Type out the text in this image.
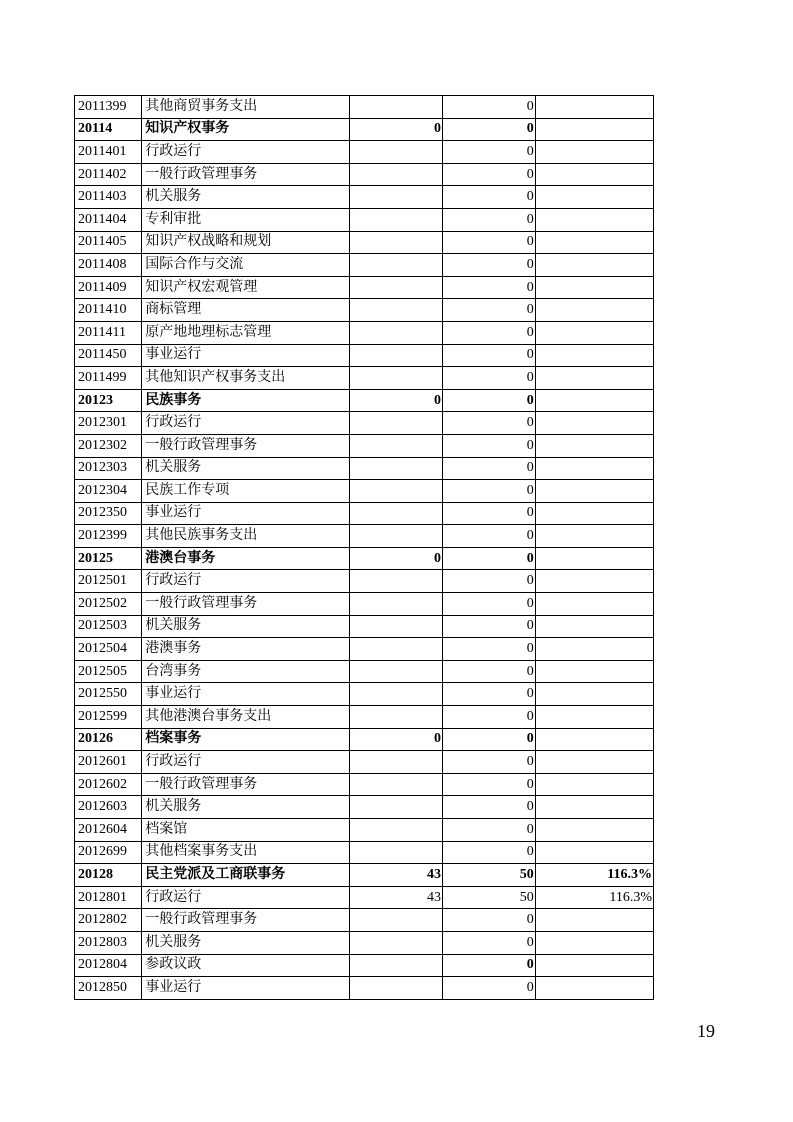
2011399	其他商贸事务支出		0	
20114	知识产权事务	0	0	
2011401	行政运行		0	
2011402	一般行政管理事务		0	
2011403	机关服务		0	
2011404	专利审批		0	
2011405	知识产权战略和规划		0	
2011408	国际合作与交流		0	
2011409	知识产权宏观管理		0	
2011410	商标管理		0	
2011411	原产地地理标志管理		0	
2011450	事业运行		0	
2011499	其他知识产权事务支出		0	
20123	民族事务	0	0	
2012301	行政运行		0	
2012302	一般行政管理事务		0	
2012303	机关服务		0	
2012304	民族工作专项		0	
2012350	事业运行		0	
2012399	其他民族事务支出		0	
20125	港澳台事务	0	0	
2012501	行政运行		0	
2012502	一般行政管理事务		0	
2012503	机关服务		0	
2012504	港澳事务		0	
2012505	台湾事务		0	
2012550	事业运行		0	
2012599	其他港澳台事务支出		0	
20126	档案事务	0	0	
2012601	行政运行		0	
2012602	一般行政管理事务		0	
2012603	机关服务		0	
2012604	档案馆		0	
2012699	其他档案事务支出		0	
20128	民主党派及工商联事务	43	50	116.3%
2012801	行政运行	43	50	116.3%
2012802	一般行政管理事务		0	
2012803	机关服务		0	
2012804	参政议政		0	
2012850	事业运行		0	
19
